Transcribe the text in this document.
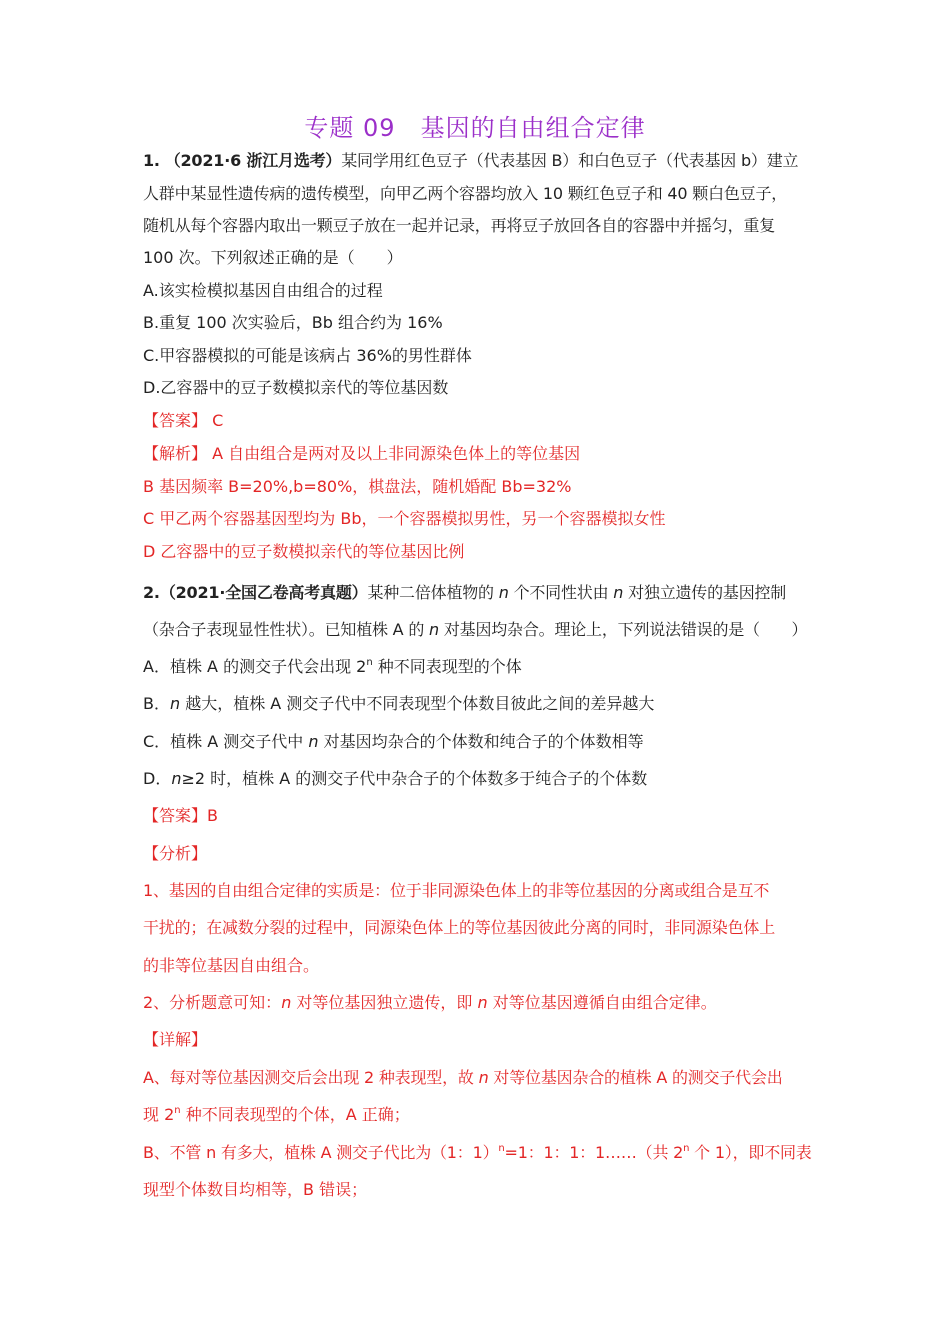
专题 09　基因的自由组合定律
1. （2021·6 浙江月选考）某同学用红色豆子（代表基因 B）和白色豆子（代表基因 b）建立
人群中某显性遗传病的遗传模型，向甲乙两个容器均放入 10 颗红色豆子和 40 颗白色豆子，
随机从每个容器内取出一颗豆子放在一起并记录，再将豆子放回各自的容器中并摇匀，重复
100 次。下列叙述正确的是（　　）
A.该实检模拟基因自由组合的过程
B.重复 100 次实验后，Bb 组合约为 16%
C.甲容器模拟的可能是该病占 36%的男性群体
D.乙容器中的豆子数模拟亲代的等位基因数
【答案】 C
【解析】 A 自由组合是两对及以上非同源染色体上的等位基因
B 基因频率 B=20%,b=80%，棋盘法，随机婚配 Bb=32%
C 甲乙两个容器基因型均为 Bb，一个容器模拟男性，另一个容器模拟女性
D 乙容器中的豆子数模拟亲代的等位基因比例
2.（2021·全国乙卷高考真题）某种二倍体植物的 n 个不同性状由 n 对独立遗传的基因控制
（杂合子表现显性性状）。已知植株 A 的 n 对基因均杂合。理论上，下列说法错误的是（　　）
A．植株 A 的测交子代会出现 2$^n$ 种不同表现型的个体
B．n 越大，植株 A 测交子代中不同表现型个体数目彼此之间的差异越大
C．植株 A 测交子代中 n 对基因均杂合的个体数和纯合子的个体数相等
D．n≥2 时，植株 A 的测交子代中杂合子的个体数多于纯合子的个体数
【答案】B
【分析】
1、基因的自由组合定律的实质是：位于非同源染色体上的非等位基因的分离或组合是互不
干扰的；在减数分裂的过程中，同源染色体上的等位基因彼此分离的同时，非同源染色体上
的非等位基因自由组合。
2、分析题意可知：n 对等位基因独立遗传，即 n 对等位基因遵循自由组合定律。
【详解】
A、每对等位基因测交后会出现 2 种表现型，故 n 对等位基因杂合的植株 A 的测交子代会出
现 2$^n$ 种不同表现型的个体，A 正确；
B、不管 n 有多大，植株 A 测交子代比为（1：1）$^n$=1：1：1：1……（共 2$^n$ 个 1），即不同表
现型个体数目均相等，B 错误；
